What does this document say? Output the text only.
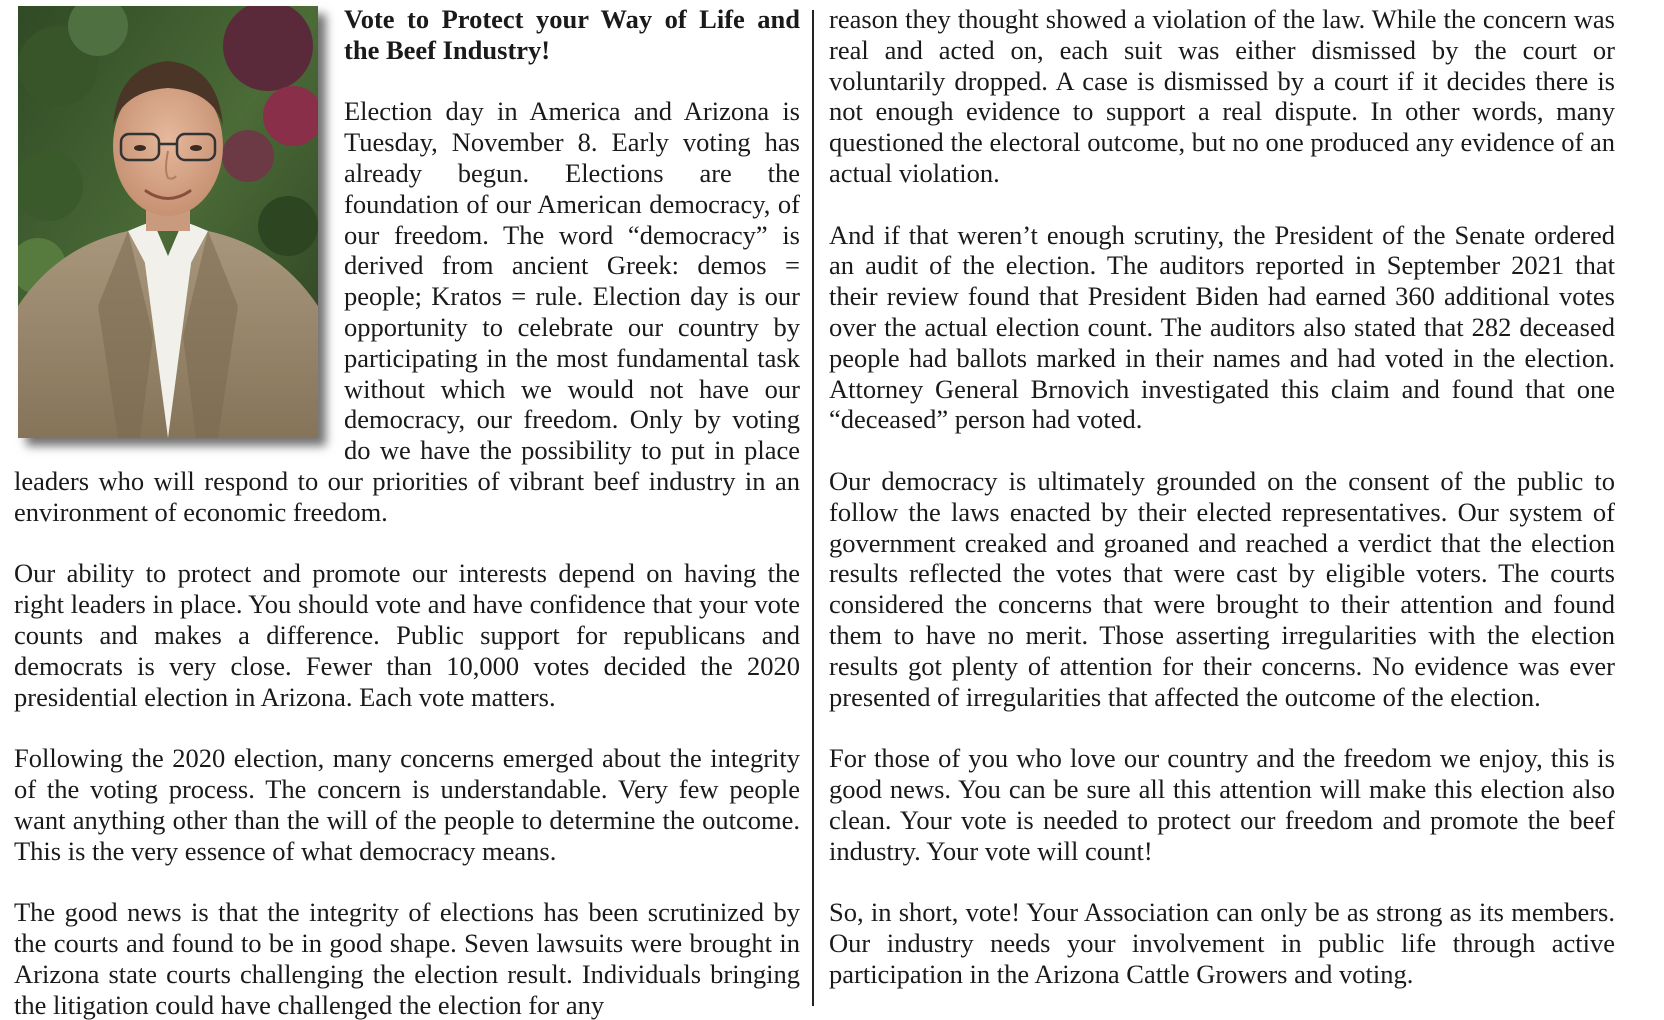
Vote to Protect your Way of Life and the Beef Industry!

Election day in America and Arizona is Tuesday, November 8. Early voting has already begun. Elections are the foundation of our American democracy, of our freedom. The word “democracy” is derived from ancient Greek: demos = people; Kratos = rule. Election day is our opportunity to celebrate our country by participating in the most fundamental task without which we would not have our democracy, our freedom. Only by voting do we have the possibility to put in place leaders who will respond to our priorities of vibrant beef industry in an environment of economic freedom.

Our ability to protect and promote our interests depend on having the right leaders in place. You should vote and have confidence that your vote counts and makes a difference. Public support for republicans and democrats is very close. Fewer than 10,000 votes decided the 2020 presidential election in Arizona. Each vote matters.

Following the 2020 election, many concerns emerged about the integrity of the voting process. The concern is understandable. Very few people want anything other than the will of the people to determine the outcome. This is the very essence of what democracy means.

The good news is that the integrity of elections has been scrutinized by the courts and found to be in good shape. Seven lawsuits were brought in Arizona state courts challenging the election result. Individuals bringing the litigation could have challenged the election for any

reason they thought showed a violation of the law. While the concern was real and acted on, each suit was either dismissed by the court or voluntarily dropped. A case is dismissed by a court if it decides there is not enough evidence to support a real dispute. In other words, many questioned the electoral outcome, but no one produced any evidence of an actual violation.

And if that weren’t enough scrutiny, the President of the Senate ordered an audit of the election. The auditors reported in September 2021 that their review found that President Biden had earned 360 additional votes over the actual election count. The auditors also stated that 282 deceased people had ballots marked in their names and had voted in the election. Attorney General Brnovich investigated this claim and found that one “deceased” person had voted.

Our democracy is ultimately grounded on the consent of the public to follow the laws enacted by their elected representatives. Our system of government creaked and groaned and reached a verdict that the election results reflected the votes that were cast by eligible voters. The courts considered the concerns that were brought to their attention and found them to have no merit. Those asserting irregularities with the election results got plenty of attention for their concerns. No evidence was ever presented of irregularities that affected the outcome of the election.

For those of you who love our country and the freedom we enjoy, this is good news. You can be sure all this attention will make this election also clean. Your vote is needed to protect our freedom and promote the beef industry. Your vote will count!

So, in short, vote! Your Association can only be as strong as its members. Our industry needs your involvement in public life through active participation in the Arizona Cattle Growers and voting.
